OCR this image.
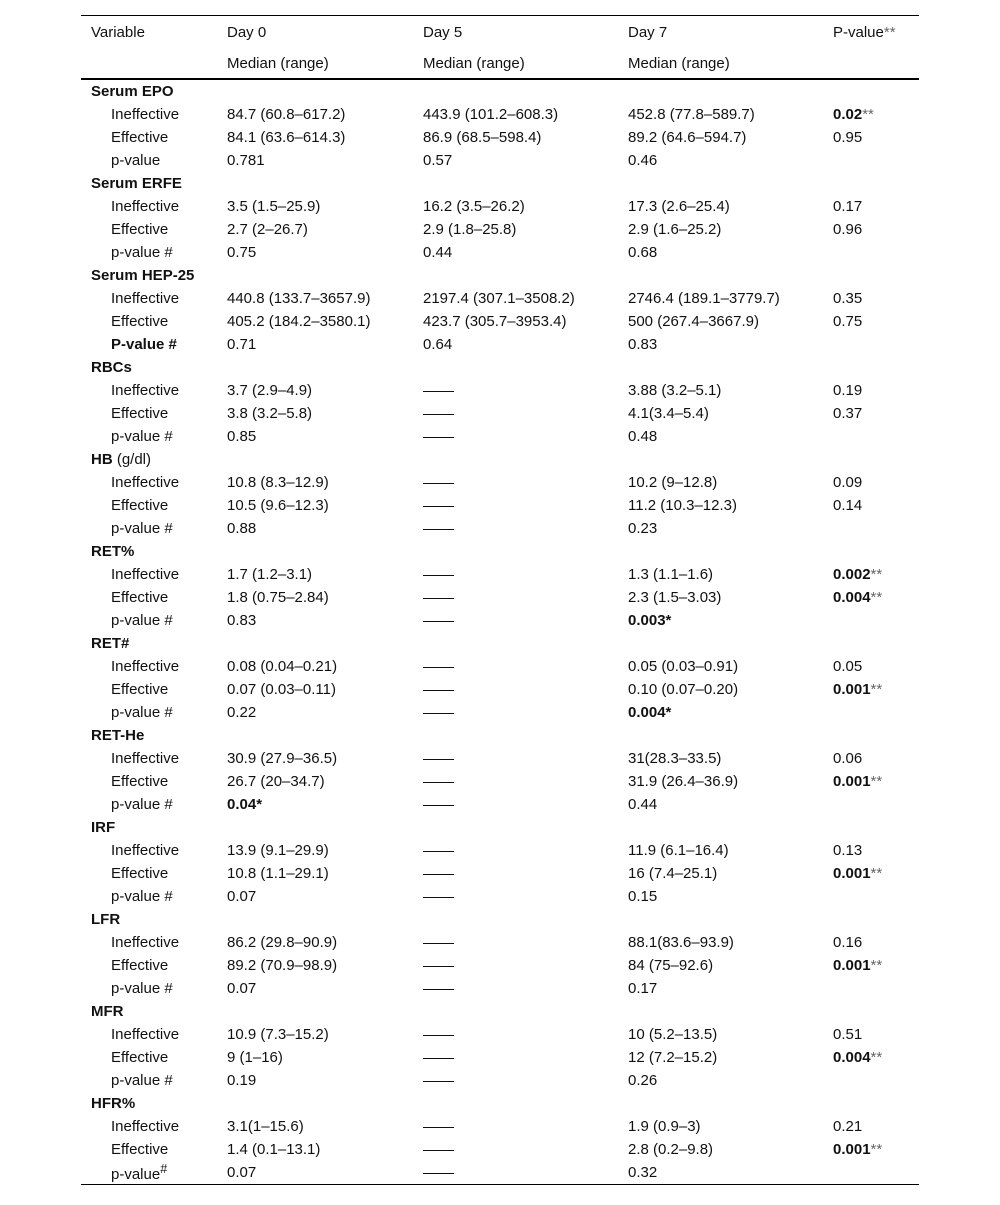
Variable	Day 0	Day 5	Day 7	P-value**
	Median (range)	Median (range)	Median (range)	
Serum EPO				
Ineffective	84.7 (60.8–617.2)	443.9 (101.2–608.3)	452.8 (77.8–589.7)	0.02**
Effective	84.1 (63.6–614.3)	86.9 (68.5–598.4)	89.2 (64.6–594.7)	0.95
p-value	0.781	0.57	0.46	
Serum ERFE				
Ineffective	3.5 (1.5–25.9)	16.2 (3.5–26.2)	17.3 (2.6–25.4)	0.17
Effective	2.7 (2–26.7)	2.9 (1.8–25.8)	2.9 (1.6–25.2)	0.96
p-value #	0.75	0.44	0.68	
Serum HEP-25				
Ineffective	440.8 (133.7–3657.9)	2197.4 (307.1–3508.2)	2746.4 (189.1–3779.7)	0.35
Effective	405.2 (184.2–3580.1)	423.7 (305.7–3953.4)	500 (267.4–3667.9)	0.75
P-value #	0.71	0.64	0.83	
RBCs				
Ineffective	3.7 (2.9–4.9)		3.88 (3.2–5.1)	0.19
Effective	3.8 (3.2–5.8)		4.1(3.4–5.4)	0.37
p-value #	0.85		0.48	
HB (g/dl)				
Ineffective	10.8 (8.3–12.9)		10.2 (9–12.8)	0.09
Effective	10.5 (9.6–12.3)		11.2 (10.3–12.3)	0.14
p-value #	0.88		0.23	
RET%				
Ineffective	1.7 (1.2–3.1)		1.3 (1.1–1.6)	0.002**
Effective	1.8 (0.75–2.84)		2.3 (1.5–3.03)	0.004**
p-value #	0.83		0.003*	
RET#				
Ineffective	0.08 (0.04–0.21)		0.05 (0.03–0.91)	0.05
Effective	0.07 (0.03–0.11)		0.10 (0.07–0.20)	0.001**
p-value #	0.22		0.004*	
RET-He				
Ineffective	30.9 (27.9–36.5)		31(28.3–33.5)	0.06
Effective	26.7 (20–34.7)		31.9 (26.4–36.9)	0.001**
p-value #	0.04*		0.44	
IRF				
Ineffective	13.9 (9.1–29.9)		11.9 (6.1–16.4)	0.13
Effective	10.8 (1.1–29.1)		16 (7.4–25.1)	0.001**
p-value #	0.07		0.15	
LFR				
Ineffective	86.2 (29.8–90.9)		88.1(83.6–93.9)	0.16
Effective	89.2 (70.9–98.9)		84 (75–92.6)	0.001**
p-value #	0.07		0.17	
MFR				
Ineffective	10.9 (7.3–15.2)		10 (5.2–13.5)	0.51
Effective	9 (1–16)		12 (7.2–15.2)	0.004**
p-value #	0.19		0.26	
HFR%				
Ineffective	3.1(1–15.6)		1.9 (0.9–3)	0.21
Effective	1.4 (0.1–13.1)		2.8 (0.2–9.8)	0.001**
p-value#	0.07		0.32	
